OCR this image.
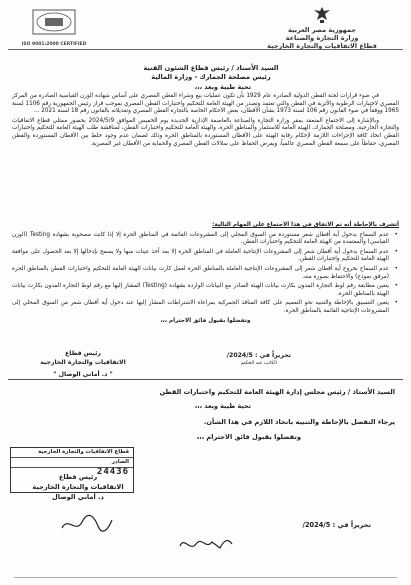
جمهورية مصر العربية
وزارة التجارة والصناعة
قطاع الاتفاقيات والتجارة الخارجية
ISO 9001:2000 CERTIFIED
السيد الأستاذ / رئيس قطاع الشئون الفنية
رئيس مصلحة الجمارك - وزارة المالية
تحية طيبة وبعد ،،،

في ضوء قرارات لجنة القطن الدولية الصادرة عام 1929 بأن تكون عمليات بيع وشراء القطن المصري على أساس شهادة الوزن القياسية الصادرة من المركز المصري لاختبارات الرطوبة والأتربة في القطن والتي تعتمد وتصدر من الهيئة العامة للتحكيم واختبارات القطن المصري بموجب قرار رئيس الجمهورية رقم 1106 لسنة 1965 ووفقاً في ضوء القانون رقم 106 لسنة 1973 بشأن الأقطان، بعض الأحكام الخاصة بالتجارة القطن المصري وتعديلاته بالقانون رقم 18 لسنة 2021 ...

وبالإشارة إلى الاجتماع المنعقد بمقر وزارة التجارة والصناعة بالعاصمة الإدارية الجديدة يوم الخميس الموافق 2024/5/9 بحضور ممثلي قطاع الاتفاقيات والتجارة الخارجية، ومصلحة الجمارك، الهيئة العامة للاستثمار والمناطق الحرة، والهيئة العامة للتحكيم واختبارات القطن، لمناقشة طلب الهيئة العامة للتحكيم واختبارات القطن اتخاذ كافة الإجراءات اللازمة لإحكام رقابة الهيئة على الأقطان المستوردة بالمناطق الحرة وذلك لضمان عدم وجود خلط بين الأقطان المستوردة والقطن المصري، حفاظاً على سمعة القطن المصري عالمياً، ويفرض الحفاظ على سلالات القطن المصري والحماية من الأقطان غير المصرية.

أتشرف بالإحاطة أنه تم الاتفاق في هذا الاجتماع على المهام التالية:

• عدم السماح بدخول أية أقطان شعر مستوردة من السوق المحلي إلى المشروعات القائمة في المناطق الحرة إلا إذا كانت مصحوبة بشهادة Testing (الوزن القياسي) والمعتمدة من الهيئة العامة للتحكيم واختبارات القطن.
• عدم السماح بدخول أية أقطان شعر إلى المشروعات الإنتاجية العاملة في المناطق الحرة إلا بعد أخذ عينات منها ولا يسمح بإدخالها إلا بعد الحصول على موافقة الهيئة العامة للتحكيم واختبارات القطن.
• عدم السماح بخروج أية أقطان شعر إلى المشروعات الإنتاجية العاملة بالمناطق الحرة لعمل كارت بيانات الهيئة العامة للتحكيم واختبارات القطن بالمناطق الحرة (مرفق نموذج) والاحتفاظ بصورة منه.
• يتعين مطابقة رقم لوط التجارة المدون بكارت بيانات الهيئة الصادر مع البيانات الواردة بشهادة (Testing) المشار إليها مع رقم لوط التجارة المدون بكارت بيانات الهيئة بالمناطق الحرة.
• يتعين التنسيق بالإحاطة والتنبيه نحو التعميم على كافة المنافذ الجمركية بمراعاة الاشتراطات المشار إليها عند دخول أية أقطان شعر من السوق المحلي إلى المشروعات الإنتاجية القائمة بالمناطق الحرة.

وتفضلوا بقبول فائق الاحترام ،،،

تحريراً في : 2024/5/
الكاتب عبد الحكيم
رئيس قطاع
الاتفاقيات والتجارة الخارجية
" د. أماني الوصال "
السيد الأستاذ / رئيس مجلس إدارة الهيئة العامة للتحكيم واختبارات القطن
تحية طيبة وبعد ،،،
يرجاء التفضل بالإحاطة والتنبيه باتخاذ اللازم في هذا الشأن.
وتفضلوا بقبول فائق الاحترام ،،،
قطاع الاتفاقيات والتجارة الخارجية
الصادر
24436
رئيس قطاع
الاتفاقيات والتجارة الخارجية
د. أماني الوصال
تحريراً في : 2024/5/
